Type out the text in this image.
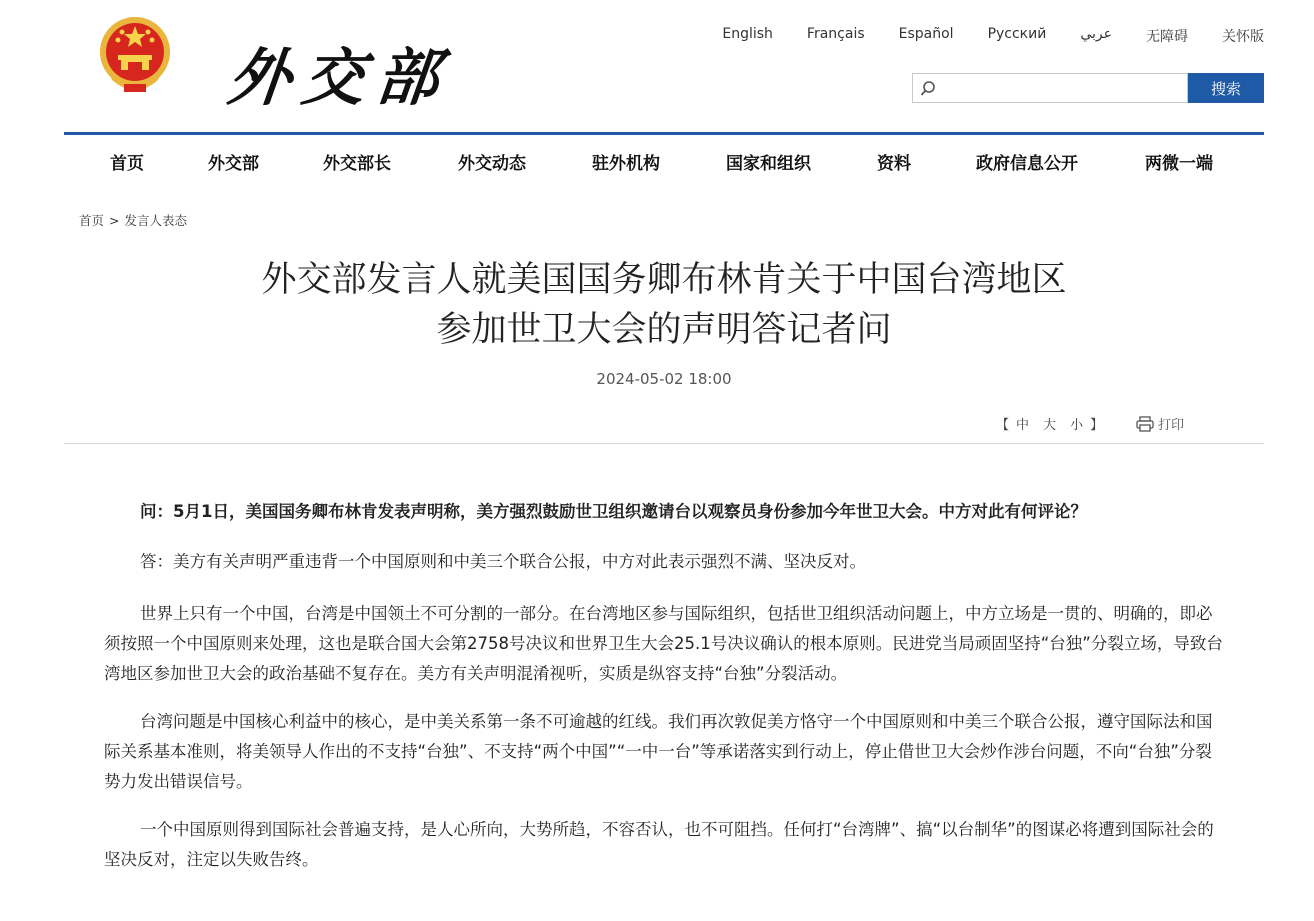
外交部
English Français Español Русский عربي 无障碍 关怀版
搜索
首页	外交部	外交部长	外交动态	驻外机构	国家和组织	资料	政府信息公开	两微一端
首页 > 发言人表态
外交部发言人就美国国务卿布林肯关于中国台湾地区
参加世卫大会的声明答记者问
2024-05-02 18:00
【 中 大 小 】	打印

问：5月1日，美国国务卿布林肯发表声明称，美方强烈鼓励世卫组织邀请台以观察员身份参加今年世卫大会。中方对此有何评论？

答：美方有关声明严重违背一个中国原则和中美三个联合公报，中方对此表示强烈不满、坚决反对。

世界上只有一个中国，台湾是中国领土不可分割的一部分。在台湾地区参与国际组织，包括世卫组织活动问题上，中方立场是一贯的、明确的，即必须按照一个中国原则来处理，这也是联合国大会第2758号决议和世界卫生大会25.1号决议确认的根本原则。民进党当局顽固坚持“台独”分裂立场，导致台湾地区参加世卫大会的政治基础不复存在。美方有关声明混淆视听，实质是纵容支持“台独”分裂活动。

台湾问题是中国核心利益中的核心，是中美关系第一条不可逾越的红线。我们再次敦促美方恪守一个中国原则和中美三个联合公报，遵守国际法和国际关系基本准则，将美领导人作出的不支持“台独”、不支持“两个中国”“一中一台”等承诺落实到行动上，停止借世卫大会炒作涉台问题，不向“台独”分裂势力发出错误信号。

一个中国原则得到国际社会普遍支持，是人心所向，大势所趋，不容否认，也不可阻挡。任何打“台湾牌”、搞“以台制华”的图谋必将遭到国际社会的坚决反对，注定以失败告终。
